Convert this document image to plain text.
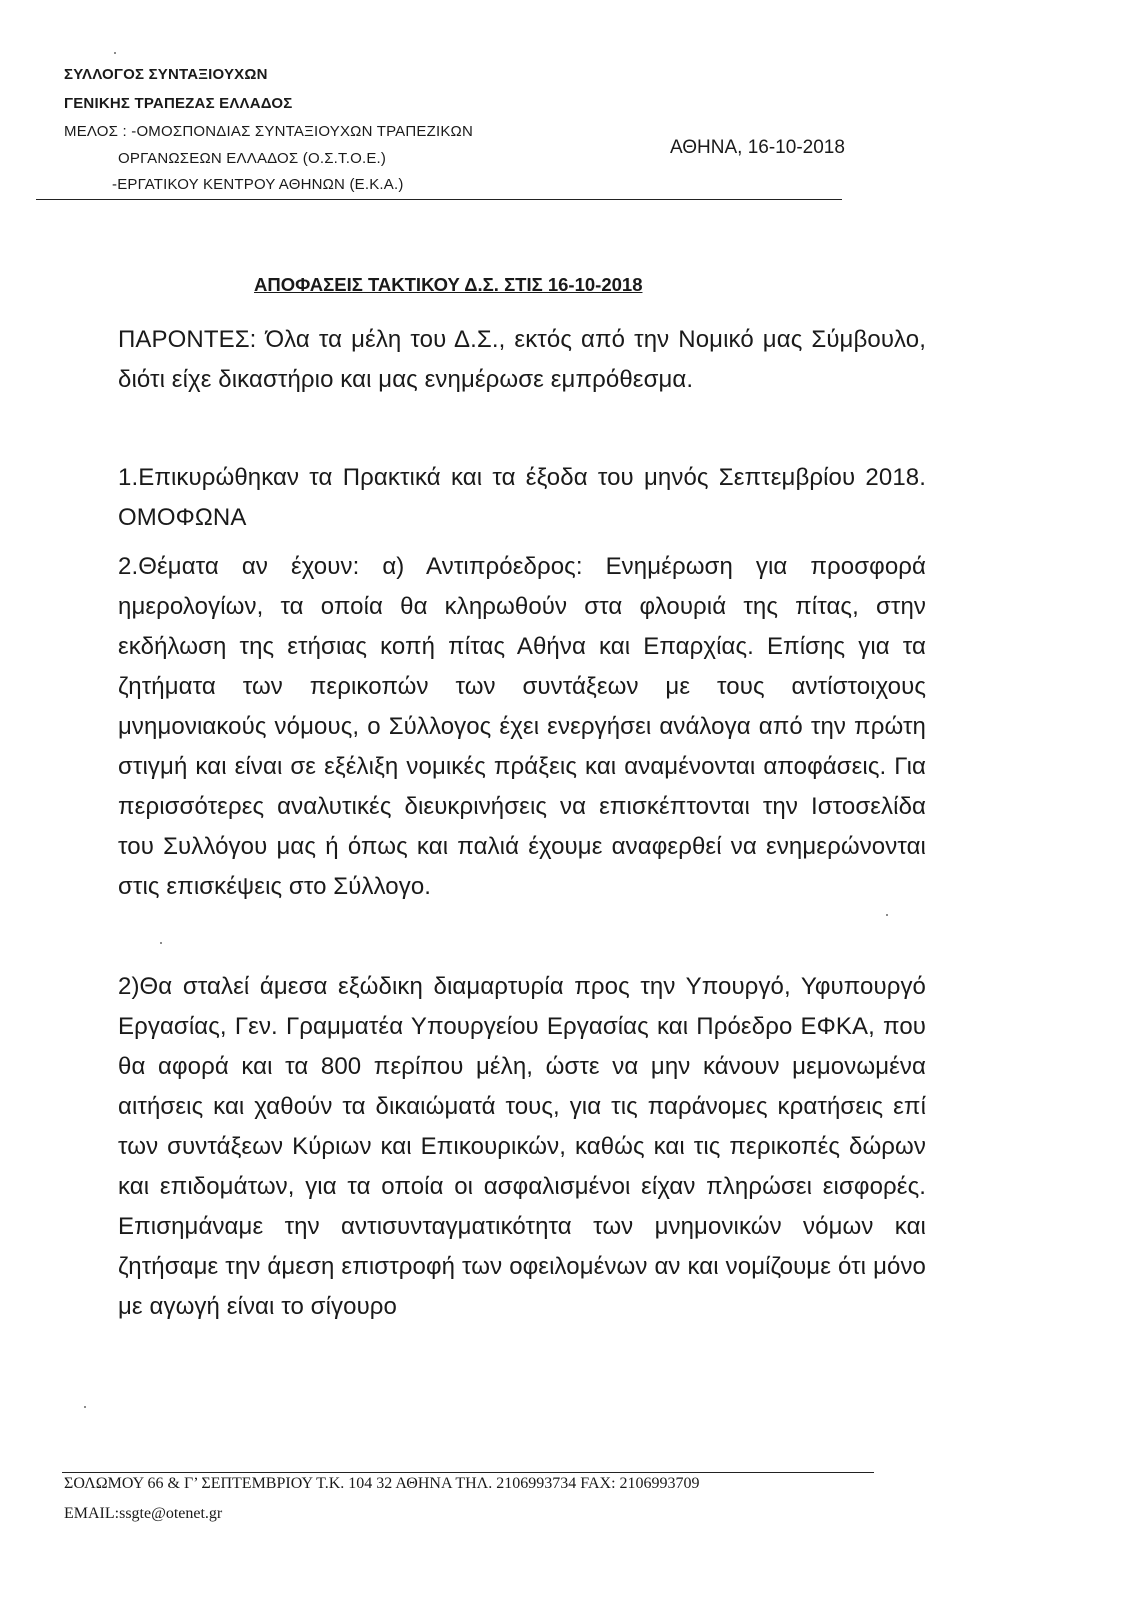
ΣΥΛΛΟΓΟΣ ΣΥΝΤΑΞΙΟΥΧΩΝ
ΓΕΝΙΚΗΣ ΤΡΑΠΕΖΑΣ ΕΛΛΑΔΟΣ
ΜΕΛΟΣ : -ΟΜΟΣΠΟΝΔΙΑΣ ΣΥΝΤΑΞΙΟΥΧΩΝ ΤΡΑΠΕΖΙΚΩΝ
ΟΡΓΑΝΩΣΕΩΝ ΕΛΛΑΔΟΣ (Ο.Σ.Τ.Ο.Ε.)
-ΕΡΓΑΤΙΚΟΥ ΚΕΝΤΡΟΥ ΑΘΗΝΩΝ (Ε.Κ.Α.)
ΑΘΗΝΑ, 16-10-2018
ΑΠΟΦΑΣΕΙΣ ΤΑΚΤΙΚΟΥ Δ.Σ. ΣΤΙΣ 16-10-2018
ΠΑΡΟΝΤΕΣ: Όλα τα μέλη του Δ.Σ., εκτός από την Νομικό μας Σύμβουλο, διότι είχε δικαστήριο και μας ενημέρωσε εμπρόθεσμα.
1.Επικυρώθηκαν τα Πρακτικά και τα έξοδα του μηνός Σεπτεμβρίου 2018. ΟΜΟΦΩΝΑ
2.Θέματα αν έχουν: α) Αντιπρόεδρος: Ενημέρωση για προσφορά ημερολογίων, τα οποία θα κληρωθούν στα φλουριά της πίτας, στην εκδήλωση της ετήσιας κοπή πίτας Αθήνα και Επαρχίας. Επίσης για τα ζητήματα των περικοπών των συντάξεων με τους αντίστοιχους μνημονιακούς νόμους, ο Σύλλογος έχει ενεργήσει ανάλογα από την πρώτη στιγμή και είναι σε εξέλιξη νομικές πράξεις και αναμένονται αποφάσεις. Για περισσότερες αναλυτικές διευκρινήσεις να επισκέπτονται την Ιστοσελίδα του Συλλόγου μας ή όπως και παλιά έχουμε αναφερθεί να ενημερώνονται στις επισκέψεις στο Σύλλογο.
2)Θα σταλεί άμεσα εξώδικη διαμαρτυρία προς την Υπουργό, Υφυπουργό Εργασίας, Γεν. Γραμματέα Υπουργείου Εργασίας και Πρόεδρο ΕΦΚΑ, που θα αφορά και τα 800 περίπου μέλη, ώστε να μην κάνουν μεμονωμένα αιτήσεις και χαθούν τα δικαιώματά τους, για τις παράνομες κρατήσεις επί των συντάξεων Κύριων και Επικουρικών, καθώς και τις περικοπές δώρων και επιδομάτων, για τα οποία οι ασφαλισμένοι είχαν πληρώσει εισφορές. Επισημάναμε την αντισυνταγματικότητα των μνημονικών νόμων και ζητήσαμε την άμεση επιστροφή των οφειλομένων αν και νομίζουμε ότι μόνο με αγωγή είναι το σίγουρο
ΣΟΛΩΜΟΥ 66 & Γ’ ΣΕΠΤΕΜΒΡΙΟΥ Τ.Κ. 104 32 ΑΘΗΝΑ ΤΗΛ. 2106993734 FAX: 2106993709
EMAIL:ssgte@otenet.gr
